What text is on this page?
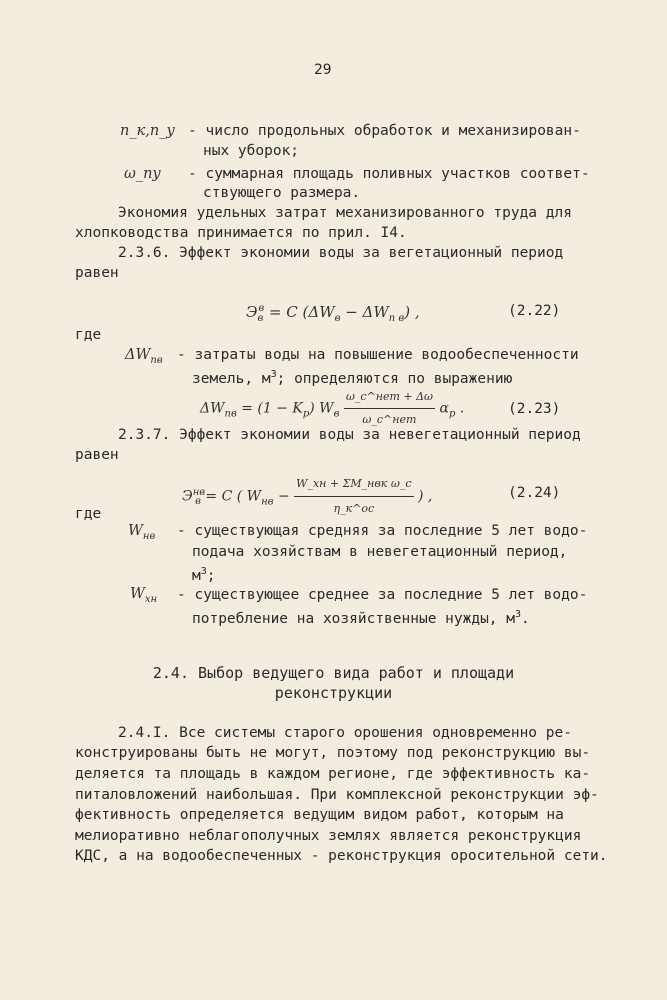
29
n_к,n_у - число продольных обработок и механизирован-
ных уборок;
ω_пу - суммарная площадь поливных участков соответ-
ствующего размера.
Экономия удельных затрат механизированного труда для
хлопководства принимается по прил. I4.
2.3.6. Эффект экономии воды за вегетационный период
равен
$Э_в^в = C$ $(\Delta W_в - \Delta W_{п в})$ ,	(2.22)
где
$\Delta W_{пв}$ - затраты воды на повышение водообеспеченности
земель, $м^3$; определяются по выражению
$\Delta W_{пв} = (1 - K_р)$ $W_в \frac{\text{ω\_с\textasciicircum{}нет + Δω}}{\text{ω\_с\textasciicircum{}нет}} \alpha_р$ .	(2.23)
2.3.7. Эффект экономии воды за невегетационный период
равен
$Э^{нв}_в = C$ ( $W_{нв} - \frac{\text{W\_хн + ΣM\_нвк ω\_с}}{\eta\_к\^{}ос}$ ) ,	(2.24)
где
$W_{нв}$ - существующая средняя за последние 5 лет водо-
подача хозяйствам в невегетационный период,
$м^3$;
$W_{хн}$ - существующее среднее за последние 5 лет водо-
потребление на хозяйственные нужды, $м^3$.
2.4. Выбор ведущего вида работ и площади
реконструкции
2.4.I. Все системы старого орошения одновременно ре-
конструированы быть не могут, поэтому под реконструкцию вы-
деляется та площадь в каждом регионе, где эффективность ка-
питаловложений наибольшая. При комплексной реконструкции эф-
фективность определяется ведущим видом работ, которым на
мелиоративно неблагополучных землях является реконструкция
КДС, а на водообеспеченных - реконструкция оросительной сети.
